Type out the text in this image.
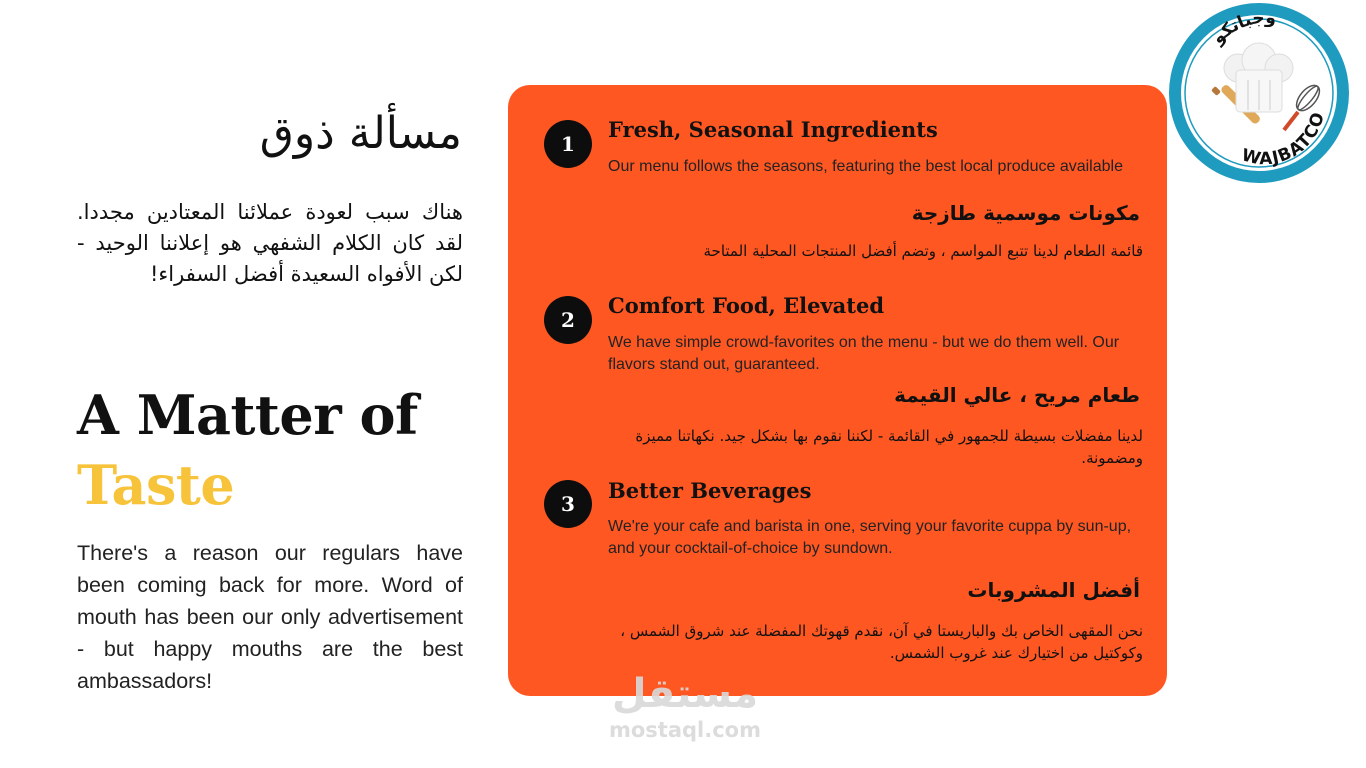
مسألة ذوق

هناك سبب لعودة عملائنا المعتادين مجددا. لقد كان الكلام الشفهي هو إعلاننا الوحيد - لكن الأفواه السعيدة أفضل السفراء!

A Matter of
Taste

There's a reason our regulars have been coming back for more. Word of mouth has been our only advertisement - but happy mouths are the best ambassadors!

1
Fresh, Seasonal Ingredients

Our menu follows the seasons, featuring the best local produce available

مكونات موسمية طازجة

قائمة الطعام لدينا تتبع المواسم ، وتضم أفضل المنتجات المحلية المتاحة

2
Comfort Food, Elevated

We have simple crowd-favorites on the menu - but we do them well. Our flavors stand out, guaranteed.

طعام مريح ، عالي القيمة

لدينا مفضلات بسيطة للجمهور في القائمة - لكننا نقوم بها بشكل جيد. نكهاتنا مميزة ومضمونة.

3
Better Beverages

We're your cafe and barista in one, serving your favorite cuppa by sun-up, and your cocktail-of-choice by sundown.

أفضل المشروبات

نحن المقهى الخاص بك والباريستا في آن، نقدم قهوتك المفضلة عند شروق الشمس ، وكوكتيل من اختيارك عند غروب الشمس.

وجباتكو
WAJBATCO
مستقل
mostaql.com
